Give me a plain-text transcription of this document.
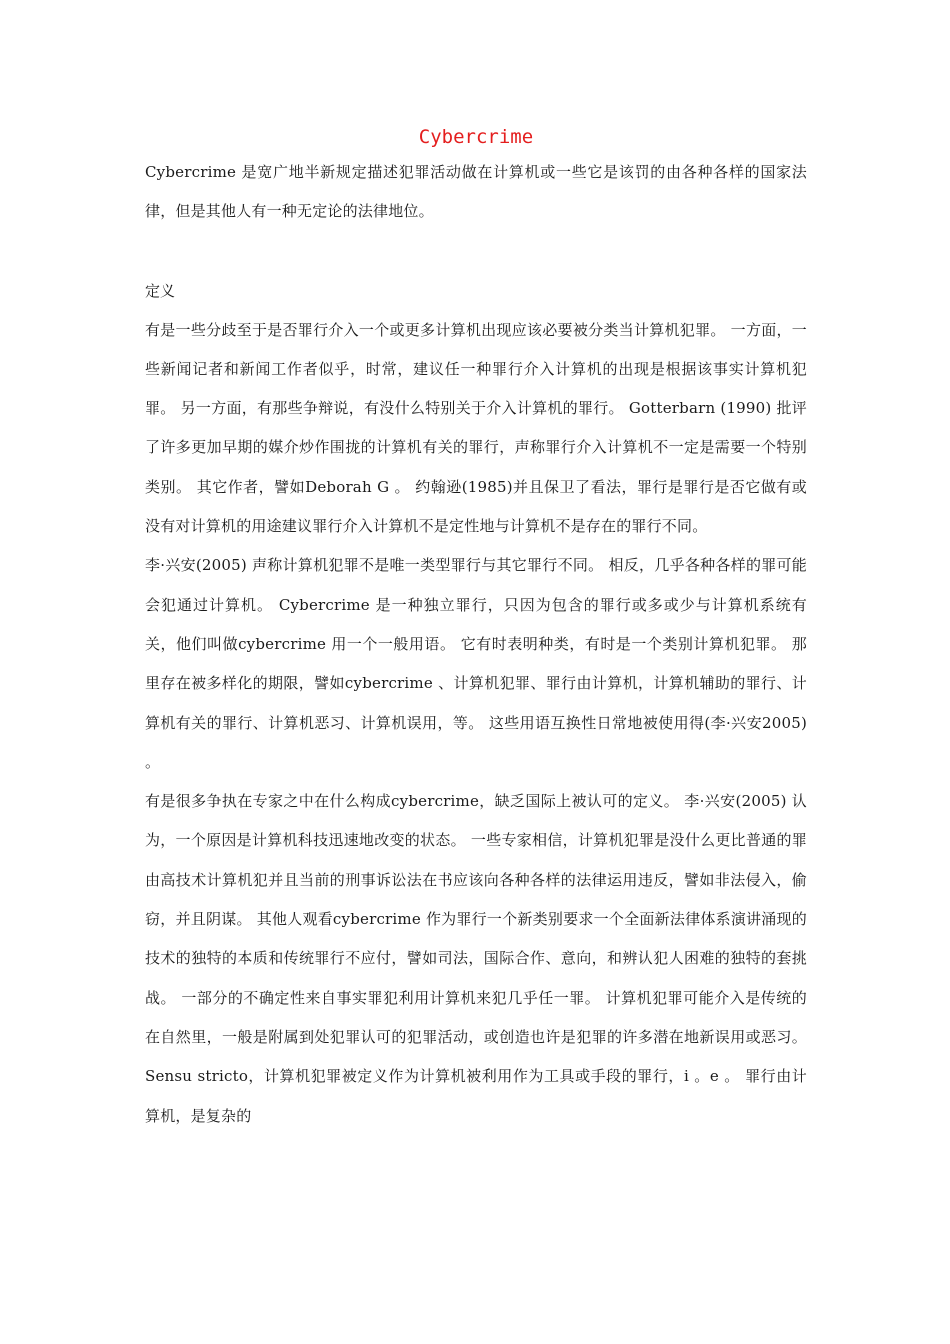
Cybercrime

Cybercrime 是宽广地半新规定描述犯罪活动做在计算机或一些它是该罚的由各种各样的国家法律，但是其他人有一种无定论的法律地位。

定义

有是一些分歧至于是否罪行介入一个或更多计算机出现应该必要被分类当计算机犯罪。 一方面，一些新闻记者和新闻工作者似乎，时常，建议任一种罪行介入计算机的出现是根据该事实计算机犯罪。 另一方面，有那些争辩说，有没什么特别关于介入计算机的罪行。 Gotterbarn (1990) 批评了许多更加早期的媒介炒作围拢的计算机有关的罪行，声称罪行介入计算机不一定是需要一个特别类别。 其它作者，譬如Deborah G 。 约翰逊(1985)并且保卫了看法，罪行是罪行是否它做有或没有对计算机的用途建议罪行介入计算机不是定性地与计算机不是存在的罪行不同。

李·兴安(2005) 声称计算机犯罪不是唯一类型罪行与其它罪行不同。 相反，几乎各种各样的罪可能会犯通过计算机。 Cybercrime 是一种独立罪行，只因为包含的罪行或多或少与计算机系统有关，他们叫做cybercrime 用一个一般用语。 它有时表明种类，有时是一个类别计算机犯罪。 那里存在被多样化的期限，譬如cybercrime 、计算机犯罪、罪行由计算机，计算机辅助的罪行、计算机有关的罪行、计算机恶习、计算机误用，等。 这些用语互换性日常地被使用得(李·兴安2005) 。

有是很多争执在专家之中在什么构成cybercrime，缺乏国际上被认可的定义。 李·兴安(2005) 认为，一个原因是计算机科技迅速地改变的状态。 一些专家相信，计算机犯罪是没什么更比普通的罪由高技术计算机犯并且当前的刑事诉讼法在书应该向各种各样的法律运用违反，譬如非法侵入，偷窃，并且阴谋。 其他人观看cybercrime 作为罪行一个新类别要求一个全面新法律体系演讲涌现的技术的独特的本质和传统罪行不应付，譬如司法，国际合作、意向，和辨认犯人困难的独特的套挑战。 一部分的不确定性来自事实罪犯利用计算机来犯几乎任一罪。 计算机犯罪可能介入是传统的在自然里，一般是附属到处犯罪认可的犯罪活动，或创造也许是犯罪的许多潜在地新误用或恶习。 Sensu stricto，计算机犯罪被定义作为计算机被利用作为工具或手段的罪行，i 。e 。 罪行由计算机，是复杂的
